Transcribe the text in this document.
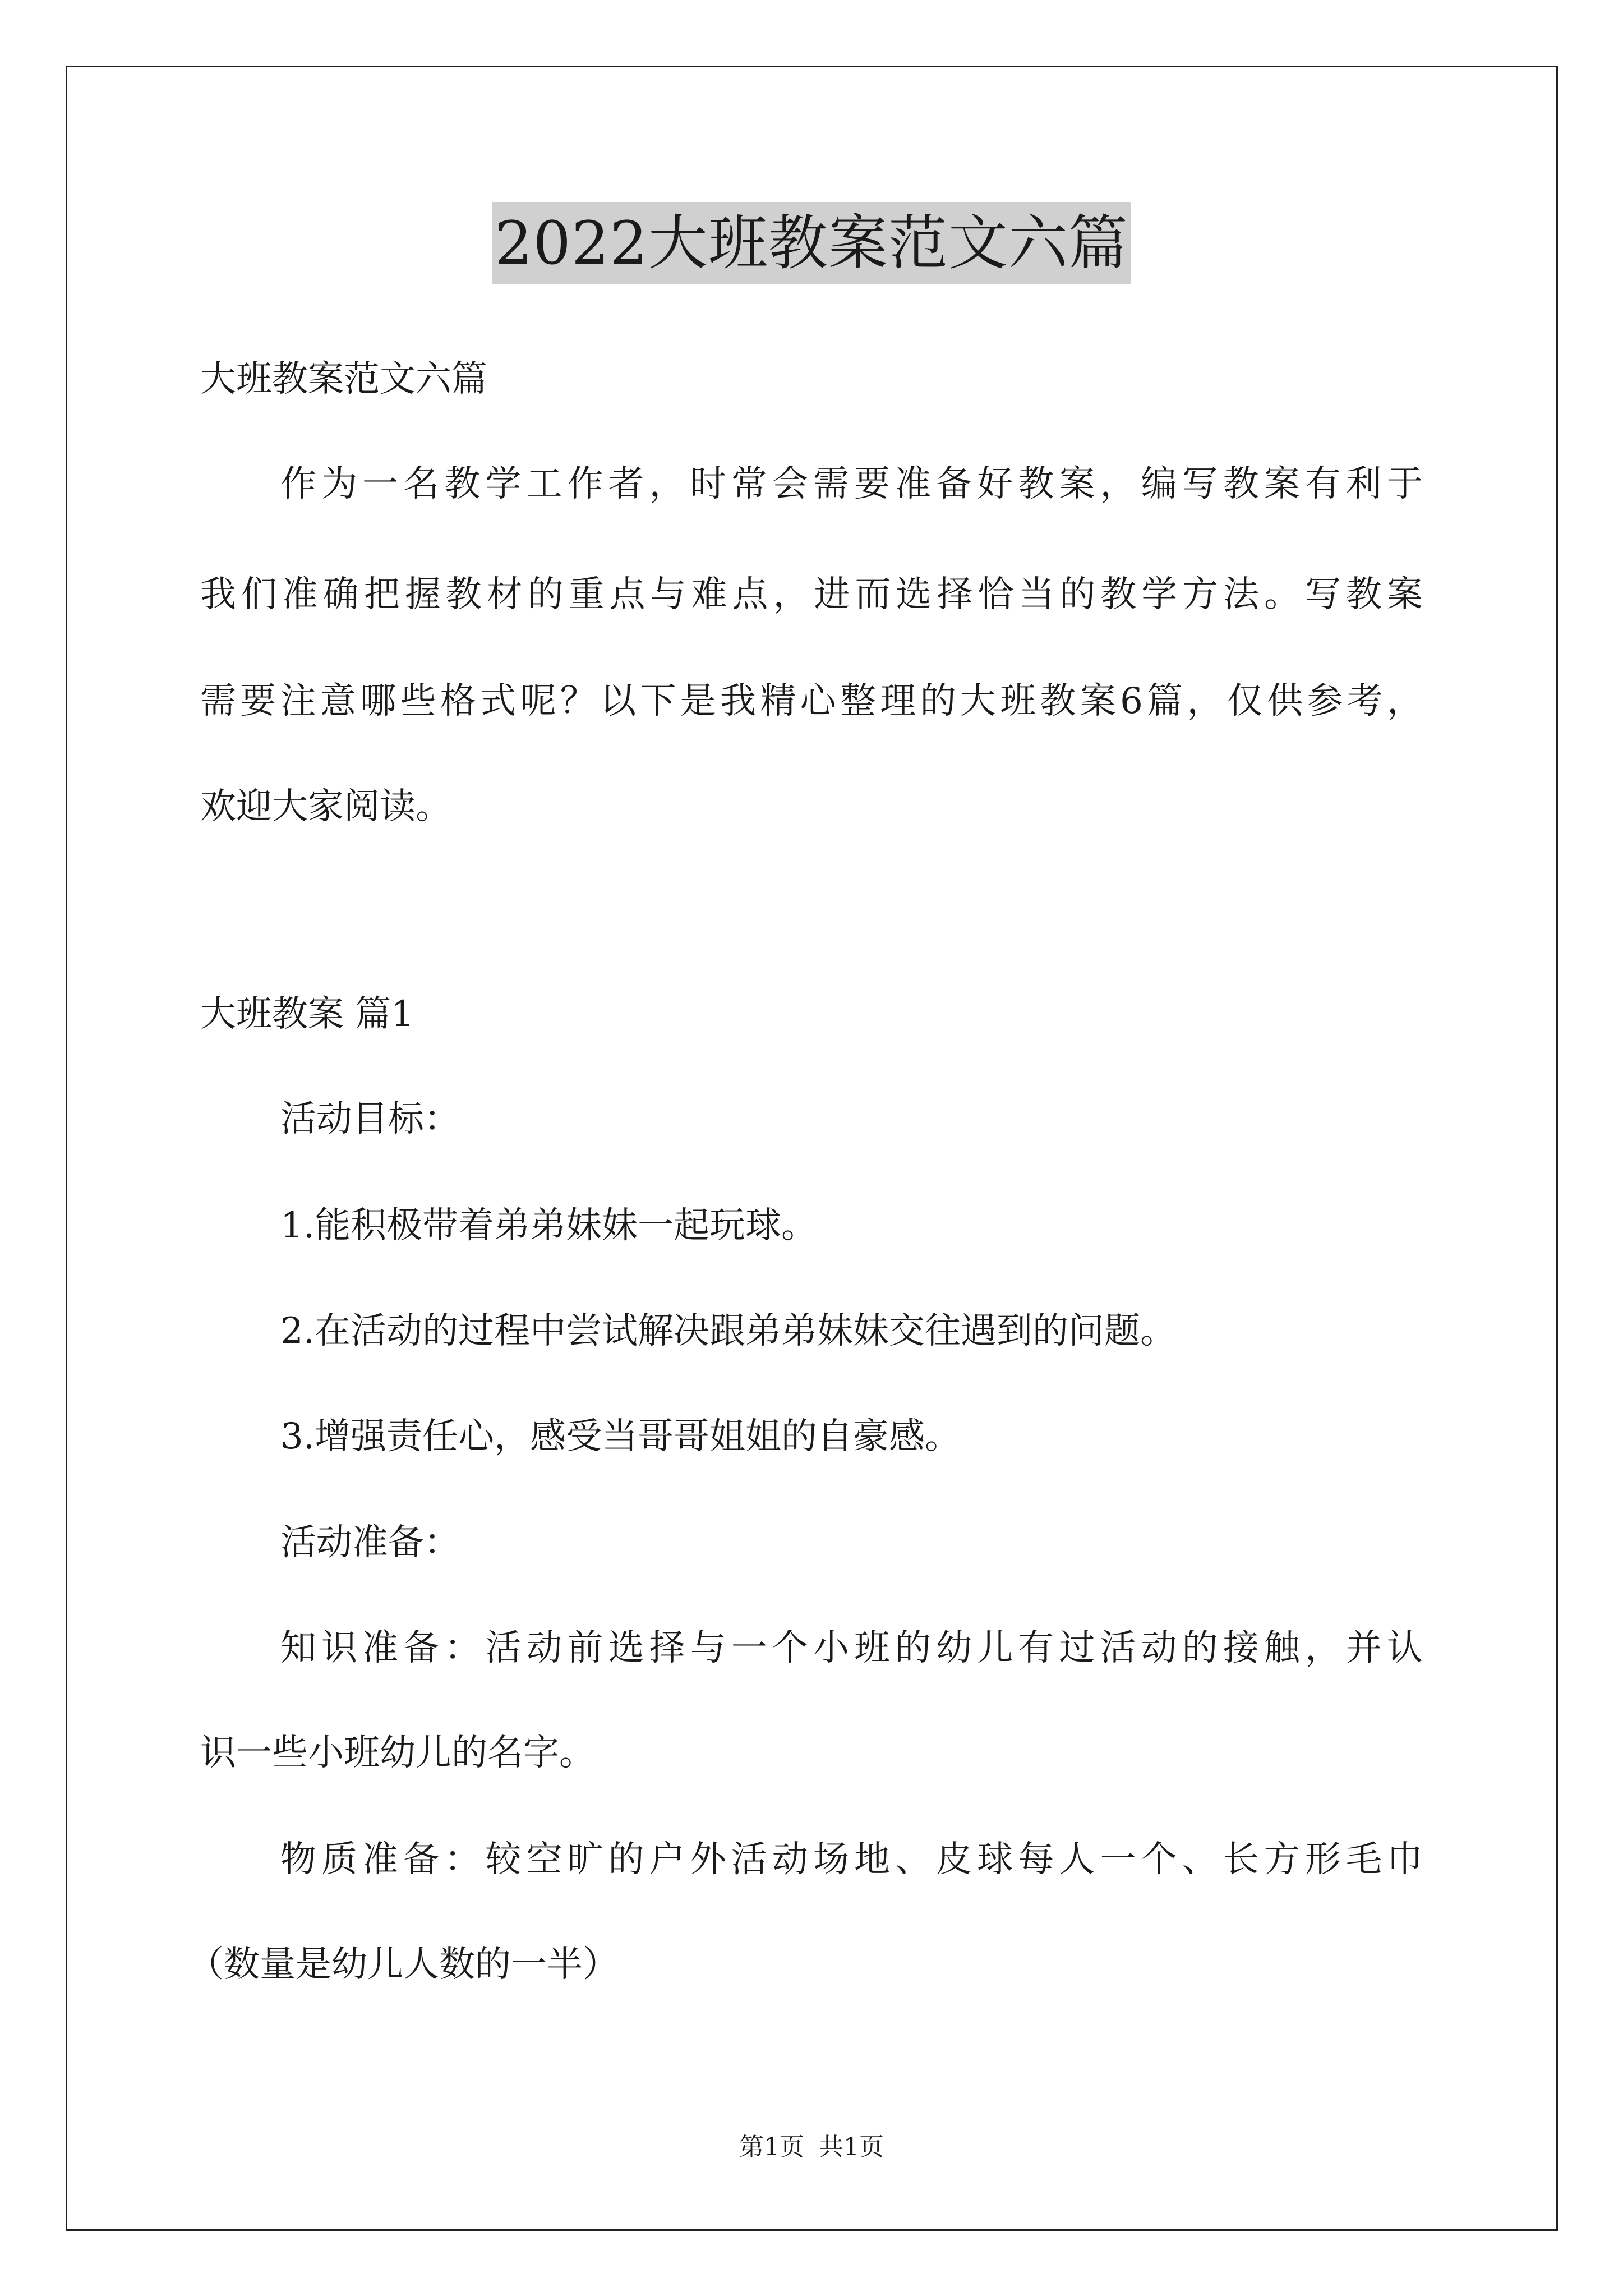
2022大班教案范文六篇
大班教案范文六篇
作为一名教学工作者，时常会需要准备好教案，编写教案有利于
我们准确把握教材的重点与难点，进而选择恰当的教学方法。写教案
需要注意哪些格式呢？以下是我精心整理的大班教案6篇，仅供参考，
欢迎大家阅读。
大班教案 篇1
活动目标：
1.能积极带着弟弟妹妹一起玩球。
2.在活动的过程中尝试解决跟弟弟妹妹交往遇到的问题。
3.增强责任心，感受当哥哥姐姐的自豪感。
活动准备：
知识准备：活动前选择与一个小班的幼儿有过活动的接触，并认
识一些小班幼儿的名字。
物质准备：较空旷的户外活动场地、皮球每人一个、长方形毛巾
（数量是幼儿人数的一半）
第1页 共1页
